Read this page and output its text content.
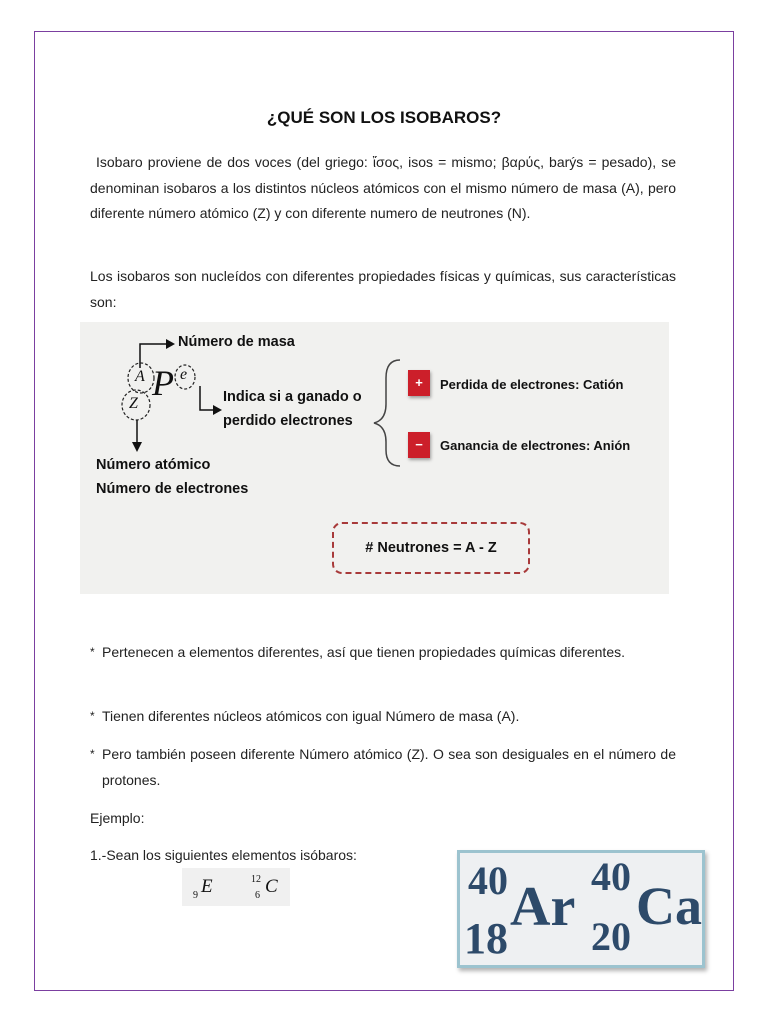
¿QUÉ SON LOS ISOBAROS?
Isobaro proviene de dos voces (del griego: ἴσος, isos = mismo; βαρύς, barýs = pesado), se denominan isobaros a los distintos núcleos atómicos con el mismo número de masa (A), pero diferente número atómico (Z) y con diferente numero de neutrones (N).
Los isobaros son nucleídos con diferentes propiedades físicas y químicas, sus características son:
Número de masa
A
Z
P e
Indica si a ganado o
perdido electrones
+	Perdida de electrones: Catión
−	Ganancia de electrones: Anión
Número atómico
Número de electrones
# Neutrones = A - Z
* Pertenecen a elementos diferentes, así que tienen propiedades químicas diferentes.
* Tienen diferentes núcleos atómicos con igual Número de masa (A).
* Pero también poseen diferente Número atómico (Z). O sea son desiguales en el número de protones.
Ejemplo:
1.-Sean los siguientes elementos isóbaros:
9 E	12
6 C	40
18
Ar 40
20
Ca
